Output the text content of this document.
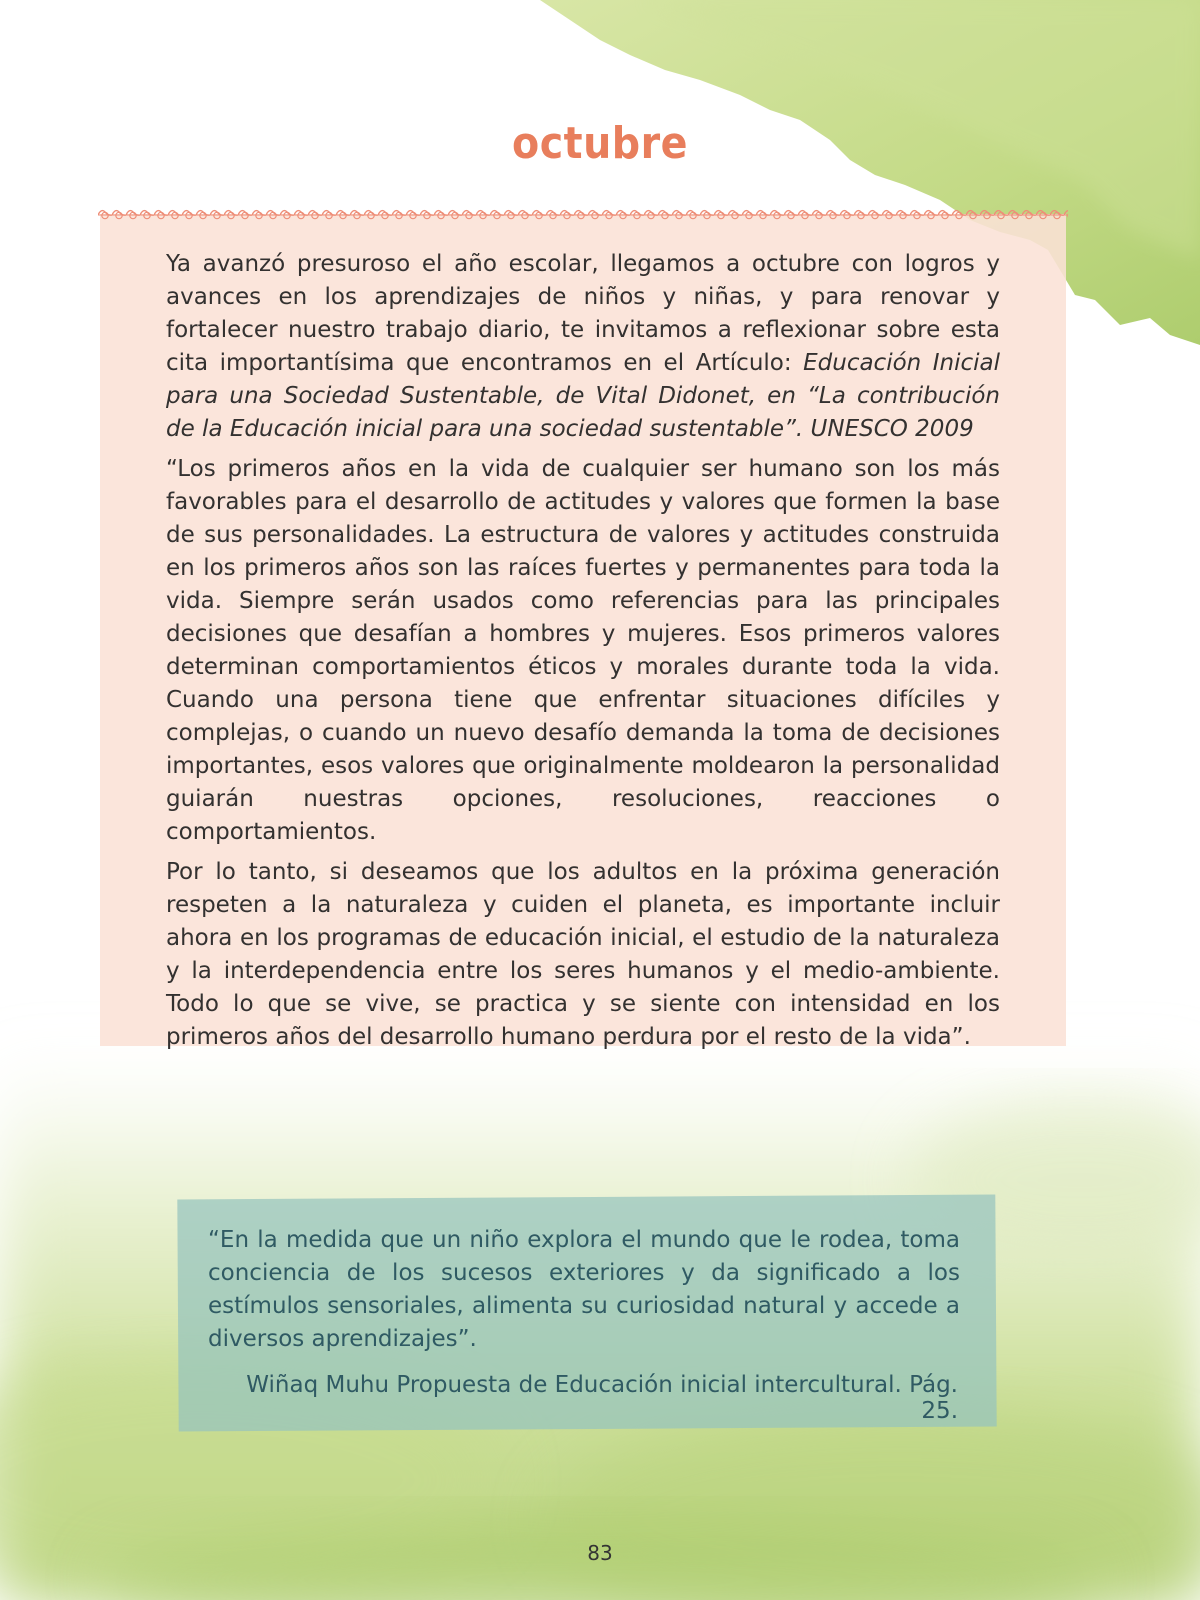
octubre

Ya avanzó presuroso el año escolar, llegamos a octubre con logros y avances en los aprendizajes de niños y niñas, y para renovar y fortalecer nuestro trabajo diario, te invitamos a reflexionar sobre esta cita importantísima que encontramos en el Artículo: Educación Inicial para una Sociedad Sustentable, de Vital Didonet, en “La contribución de la Educación inicial para una sociedad sustentable”. UNESCO 2009

“Los primeros años en la vida de cualquier ser humano son los más favorables para el desarrollo de actitudes y valores que formen la base de sus personalidades. La estructura de valores y actitudes construida en los primeros años son las raíces fuertes y permanentes para toda la vida. Siempre serán usados como referencias para las principales decisiones que desafían a hombres y mujeres. Esos primeros valores determinan comportamientos éticos y morales durante toda la vida. Cuando una persona tiene que enfrentar situaciones difíciles y complejas, o cuando un nuevo desafío demanda la toma de decisiones importantes, esos valores que originalmente moldearon la personalidad guiarán nuestras opciones, resoluciones, reacciones o comportamientos.

Por lo tanto, si deseamos que los adultos en la próxima generación respeten a la naturaleza y cuiden el planeta, es importante incluir ahora en los programas de educación inicial, el estudio de la naturaleza y la interdependencia entre los seres humanos y el medio-ambiente. Todo lo que se vive, se practica y se siente con intensidad en los primeros años del desarrollo humano perdura por el resto de la vida”.

“En la medida que un niño explora el mundo que le rodea, toma conciencia de los sucesos exteriores y da significado a los estímulos sensoriales, alimenta su curiosidad natural y accede a diversos aprendizajes”.

Wiñaq Muhu Propuesta de Educación inicial intercultural. Pág. 25.
83
